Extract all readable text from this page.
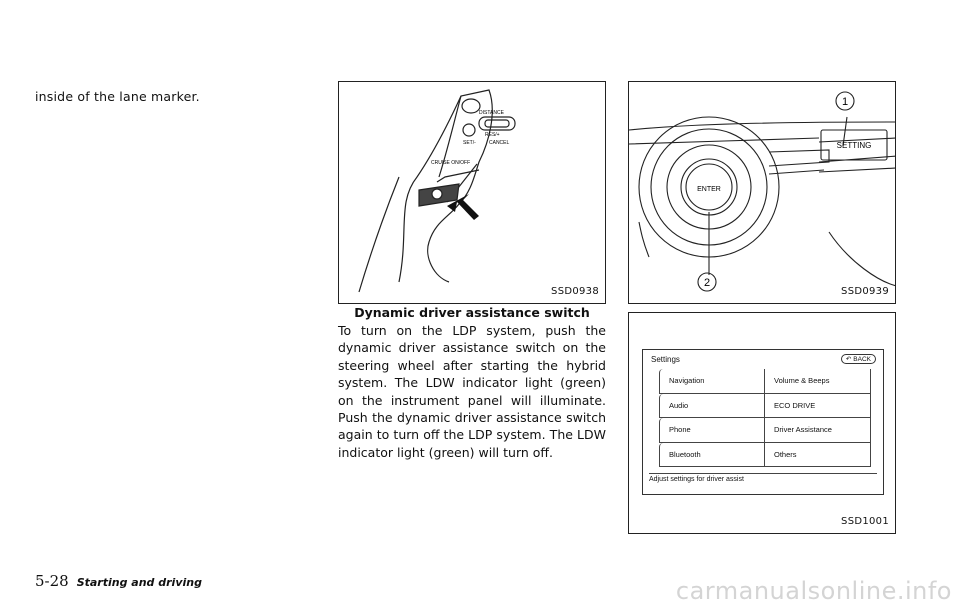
inside of the lane marker.
DISTANCE
RES/+
CANCEL
SET/-
CRUISE ON/OFF
SSD0938
Dynamic driver assistance switch
To turn on the LDP system, push the dynamic driver assistance switch on the steering wheel after starting the hybrid system. The LDW indicator light (green) on the instrument panel will illuminate. Push the dynamic driver assistance switch again to turn off the LDP system. The LDW indicator light (green) will turn off.
1
2
SETTING
ENTER
SSD0939
Settings	↶ BACK
Navigation	Volume & Beeps
Audio	ECO DRIVE
Phone	Driver Assistance
Bluetooth	Others
Adjust settings for driver assist
SSD1001
5-28 Starting and driving	carmanualsonline.info
